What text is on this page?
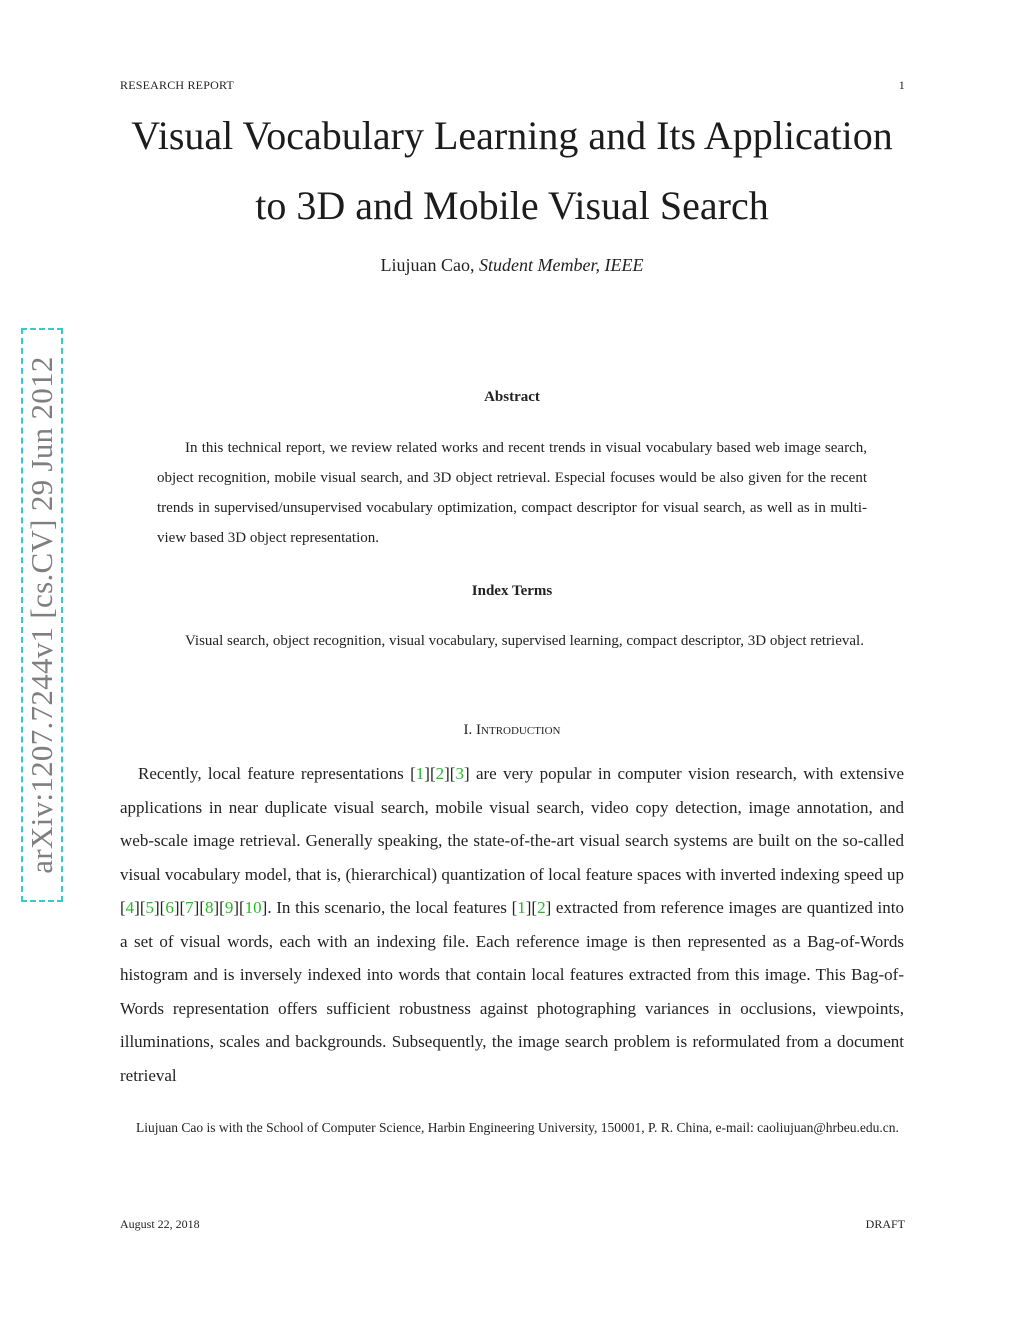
RESEARCH REPORT	1
Visual Vocabulary Learning and Its Application
to 3D and Mobile Visual Search
Liujuan Cao, Student Member, IEEE
arXiv:1207.7244v1 [cs.CV] 29 Jun 2012	Abstract

In this technical report, we review related works and recent trends in visual vocabulary based web image search, object recognition, mobile visual search, and 3D object retrieval. Especial focuses would be also given for the recent trends in supervised/unsupervised vocabulary optimization, compact descriptor for visual search, as well as in multi-view based 3D object representation.

Index Terms

Visual search, object recognition, visual vocabulary, supervised learning, compact descriptor, 3D object retrieval.

I. Introduction

Recently, local feature representations [1][2][3] are very popular in computer vision research, with extensive applications in near duplicate visual search, mobile visual search, video copy detection, image annotation, and web-scale image retrieval. Generally speaking, the state-of-the-art visual search systems are built on the so-called visual vocabulary model, that is, (hierarchical) quantization of local feature spaces with inverted indexing speed up [4][5][6][7][8][9][10]. In this scenario, the local features [1][2] extracted from reference images are quantized into a set of visual words, each with an indexing file. Each reference image is then represented as a Bag-of-Words histogram and is inversely indexed into words that contain local features extracted from this image. This Bag-of-Words representation offers sufficient robustness against photographing variances in occlusions, viewpoints, illuminations, scales and backgrounds. Subsequently, the image search problem is reformulated from a document retrieval

Liujuan Cao is with the School of Computer Science, Harbin Engineering University, 150001, P. R. China, e-mail: caoliujuan@hrbeu.edu.cn.

August 22, 2018	DRAFT
